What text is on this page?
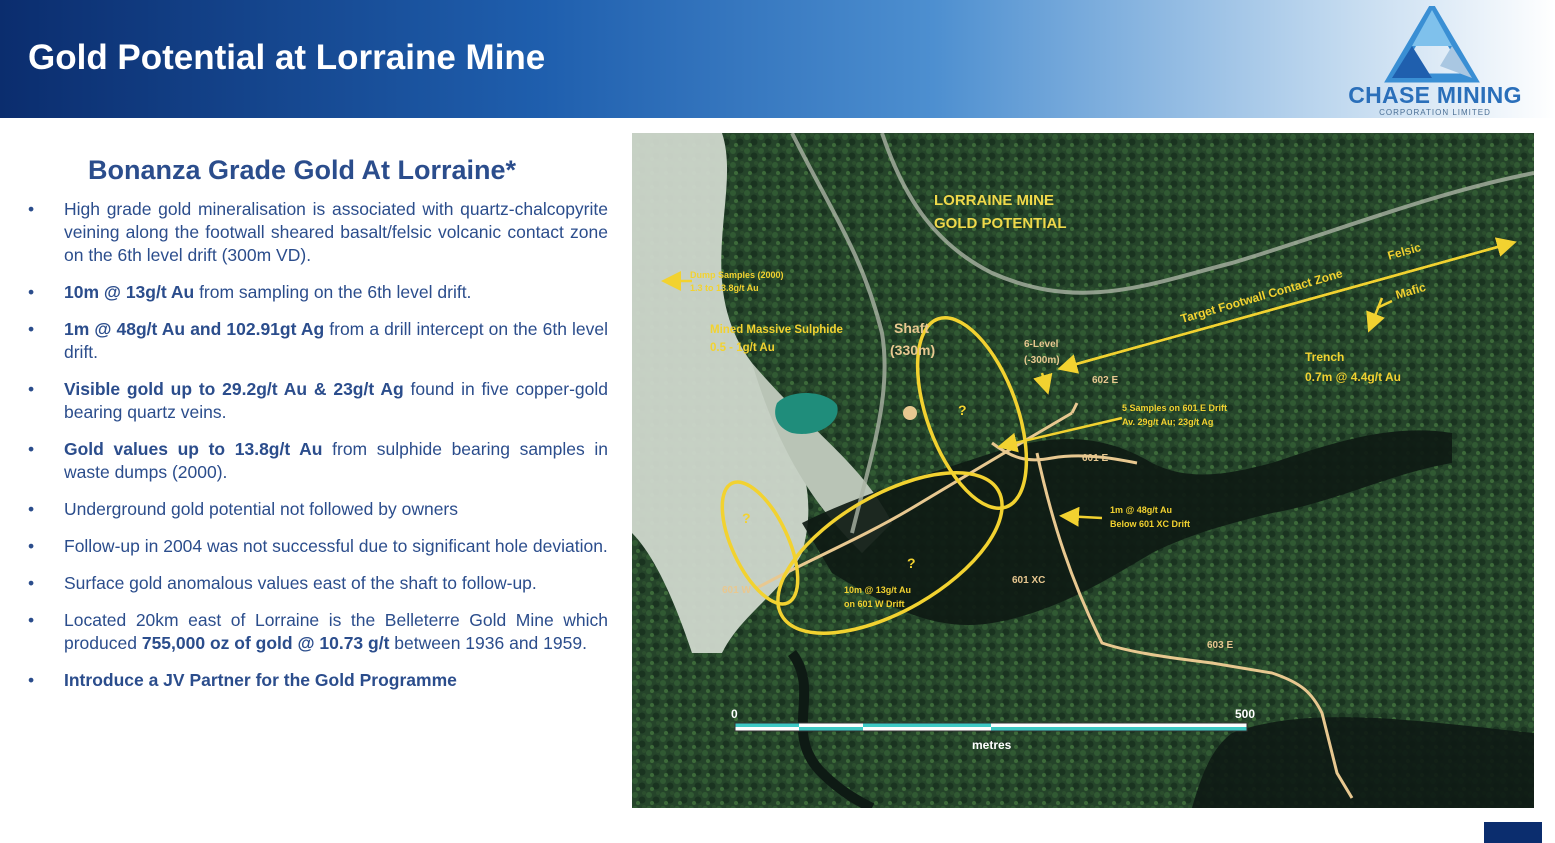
Gold Potential at Lorraine Mine
CHASE MINING
CORPORATION LIMITED
Bonanza Grade Gold At Lorraine*
• High grade gold mineralisation is associated with quartz-chalcopyrite veining along the footwall sheared basalt/felsic volcanic contact zone on the 6th level drift (300m VD).
• 10m @ 13g/t Au from sampling on the 6th level drift.
• 1m @ 48g/t Au and 102.91gt Ag from a drill intercept on the 6th level drift.
• Visible gold up to 29.2g/t Au & 23g/t Ag found in five copper-gold bearing quartz veins.
• Gold values up to 13.8g/t Au from sulphide bearing samples in waste dumps (2000).
• Underground gold potential not followed by owners
• Follow-up in 2004 was not successful due to significant hole deviation.
• Surface gold anomalous values east of the shaft to follow-up.
• Located 20km east of Lorraine is the Belleterre Gold Mine which produced 755,000 oz of gold @ 10.73 g/t between 1936 and 1959.
• Introduce a JV Partner for the Gold Programme
LORRAINE MINE
GOLD POTENTIAL
Dump Samples (2000)
1.3 to 13.8g/t Au
Mined Massive Sulphide
0.5 - 1g/t Au
Shaft
(330m)	6-Level
(-300m)
Target Footwall Contact Zone
Felsic
Mafic
Trench
0.7m @ 4.4g/t Au
602 E
5 Samples on 601 E Drift
Av. 29g/t Au; 23g/t Ag
601 E
1m @ 48g/t Au
Below 601 XC Drift
601 W	10m @ 13g/t Au
on 601 W Drift
601 XC
603 E
?
?
?
0	500
metres
